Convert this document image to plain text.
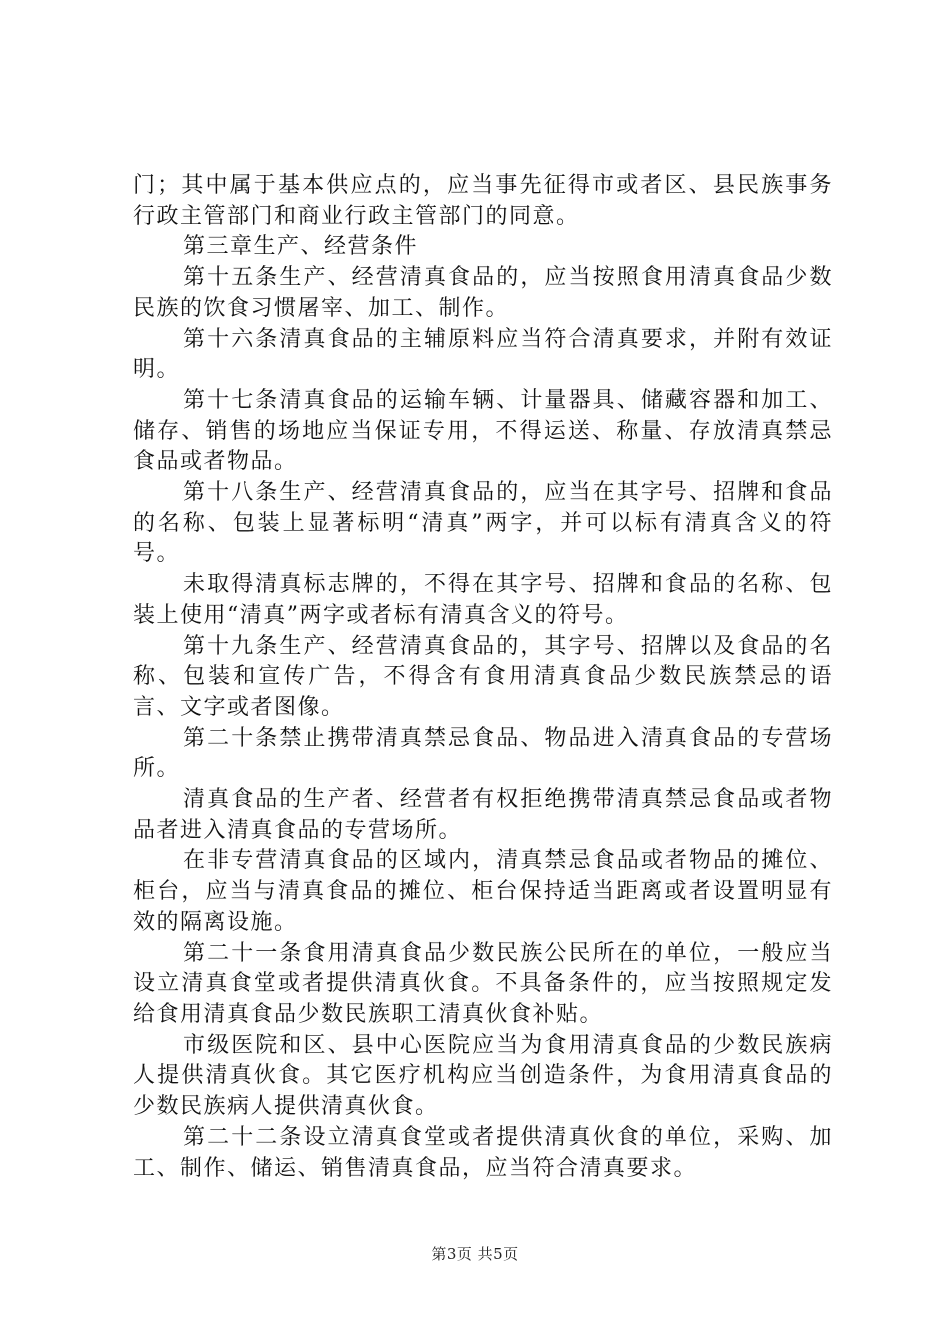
门；其中属于基本供应点的，应当事先征得市或者区、县民族事务行政主管部门和商业行政主管部门的同意。

第三章生产、经营条件

第十五条生产、经营清真食品的，应当按照食用清真食品少数民族的饮食习惯屠宰、加工、制作。

第十六条清真食品的主辅原料应当符合清真要求，并附有效证明。

第十七条清真食品的运输车辆、计量器具、储藏容器和加工、储存、销售的场地应当保证专用，不得运送、称量、存放清真禁忌食品或者物品。

第十八条生产、经营清真食品的，应当在其字号、招牌和食品的名称、包装上显著标明“清真”两字，并可以标有清真含义的符号。

未取得清真标志牌的，不得在其字号、招牌和食品的名称、包装上使用“清真”两字或者标有清真含义的符号。

第十九条生产、经营清真食品的，其字号、招牌以及食品的名称、包装和宣传广告，不得含有食用清真食品少数民族禁忌的语言、文字或者图像。

第二十条禁止携带清真禁忌食品、物品进入清真食品的专营场所。

清真食品的生产者、经营者有权拒绝携带清真禁忌食品或者物品者进入清真食品的专营场所。

在非专营清真食品的区域内，清真禁忌食品或者物品的摊位、柜台，应当与清真食品的摊位、柜台保持适当距离或者设置明显有效的隔离设施。

第二十一条食用清真食品少数民族公民所在的单位，一般应当设立清真食堂或者提供清真伙食。不具备条件的，应当按照规定发给食用清真食品少数民族职工清真伙食补贴。

市级医院和区、县中心医院应当为食用清真食品的少数民族病人提供清真伙食。其它医疗机构应当创造条件，为食用清真食品的少数民族病人提供清真伙食。

第二十二条设立清真食堂或者提供清真伙食的单位，采购、加工、制作、储运、销售清真食品，应当符合清真要求。

第3页 共5页
